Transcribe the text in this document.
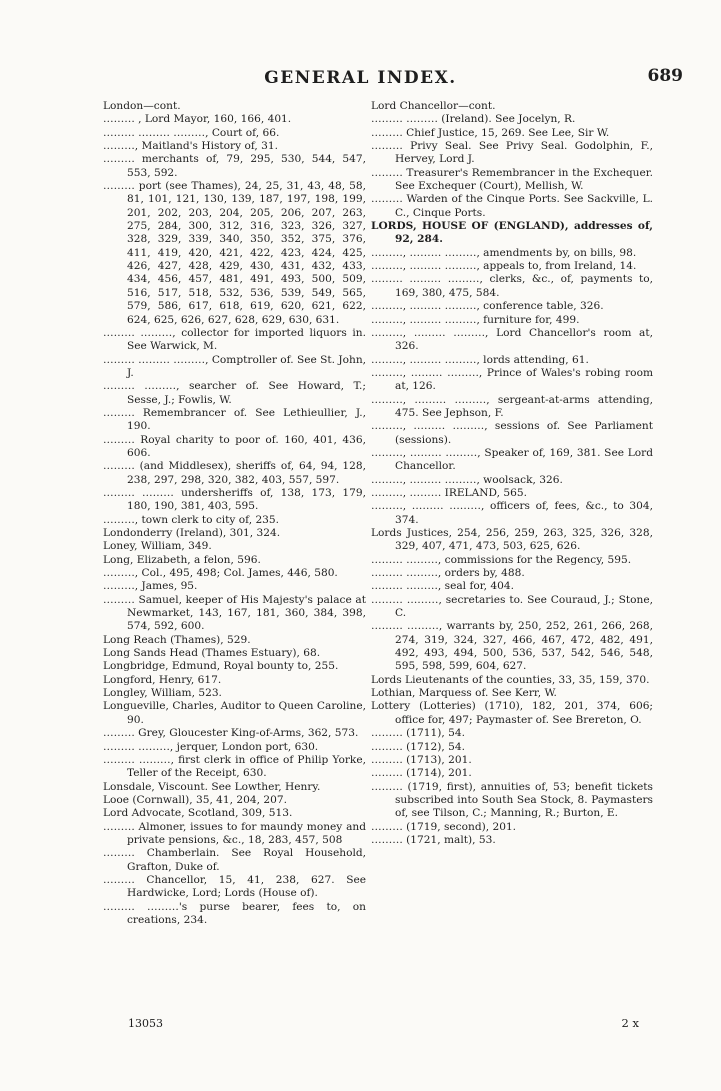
GENERAL INDEX.	689
London—cont.
……… , Lord Mayor, 160, 166, 401.
……… ……… ………, Court of, 66.
………, Maitland's History of, 31.
……… merchants of, 79, 295, 530, 544, 547, 553, 592.
……… port (see Thames), 24, 25, 31, 43, 48, 58, 81, 101, 121, 130, 139, 187, 197, 198, 199, 201, 202, 203, 204, 205, 206, 207, 263, 275, 284, 300, 312, 316, 323, 326, 327, 328, 329, 339, 340, 350, 352, 375, 376, 411, 419, 420, 421, 422, 423, 424, 425, 426, 427, 428, 429, 430, 431, 432, 433, 434, 456, 457, 481, 491, 493, 500, 509, 516, 517, 518, 532, 536, 539, 549, 565, 579, 586, 617, 618, 619, 620, 621, 622, 624, 625, 626, 627, 628, 629, 630, 631.
……… ………, collector for imported liquors in. See Warwick, M.
……… ……… ………, Comptroller of. See St. John, J.
……… ………, searcher of. See Howard, T.; Sesse, J.; Fowlis, W.
……… Remembrancer of. See Lethieullier, J., 190.
……… Royal charity to poor of. 160, 401, 436, 606.
……… (and Middlesex), sheriffs of, 64, 94, 128, 238, 297, 298, 320, 382, 403, 557, 597.
……… ……… undersheriffs of, 138, 173, 179, 180, 190, 381, 403, 595.
………, town clerk to city of, 235.
Londonderry (Ireland), 301, 324.
Loney, William, 349.
Long, Elizabeth, a felon, 596.
………, Col., 495, 498; Col. James, 446, 580.
………, James, 95.
……… Samuel, keeper of His Majesty's palace at Newmarket, 143, 167, 181, 360, 384, 398, 574, 592, 600.
Long Reach (Thames), 529.
Long Sands Head (Thames Estuary), 68.
Longbridge, Edmund, Royal bounty to, 255.
Longford, Henry, 617.
Longley, William, 523.
Longueville, Charles, Auditor to Queen Caroline, 90.
……… Grey, Gloucester King-of-Arms, 362, 573.
……… ………, jerquer, London port, 630.
……… ………, first clerk in office of Philip Yorke, Teller of the Receipt, 630.
Lonsdale, Viscount. See Lowther, Henry.
Looe (Cornwall), 35, 41, 204, 207.
Lord Advocate, Scotland, 309, 513.
……… Almoner, issues to for maundy money and private pensions, &c., 18, 283, 457, 508
……… Chamberlain. See Royal Household, Grafton, Duke of.
……… Chancellor, 15, 41, 238, 627. See Hardwicke, Lord; Lords (House of).
……… ………'s purse bearer, fees to, on creations, 234.
Lord Chancellor—cont.
……… ……… (Ireland). See Jocelyn, R.
……… Chief Justice, 15, 269. See Lee, Sir W.
……… Privy Seal. See Privy Seal. Godolphin, F., Hervey, Lord J.
……… Treasurer's Remembrancer in the Exchequer. See Exchequer (Court), Mellish, W.
……… Warden of the Cinque Ports. See Sackville, L. C., Cinque Ports.
LORDS, HOUSE OF (ENGLAND), addresses of, 92, 284.
………, ……… ………, amendments by, on bills, 98.
………, ……… ………, appeals to, from Ireland, 14.
……… ……… ………, clerks, &c., of, payments to, 169, 380, 475, 584.
………, ……… ………, conference table, 326.
………, ……… ………, furniture for, 499.
………, ……… ………, Lord Chancellor's room at, 326.
………, ……… ………, lords attending, 61.
………, ……… ………, Prince of Wales's robing room at, 126.
………, ……… ………, sergeant-at-arms attending, 475. See Jephson, F.
………, ……… ………, sessions of. See Parliament (sessions).
………, ……… ………, Speaker of, 169, 381. See Lord Chancellor.
………, ……… ………, woolsack, 326.
………, ……… IRELAND, 565.
………, ……… ………, officers of, fees, &c., to 304, 374.
Lords Justices, 254, 256, 259, 263, 325, 326, 328, 329, 407, 471, 473, 503, 625, 626.
……… ………, commissions for the Regency, 595.
……… ………, orders by, 488.
……… ………, seal for, 404.
……… ………, secretaries to. See Couraud, J.; Stone, C.
……… ………, warrants by, 250, 252, 261, 266, 268, 274, 319, 324, 327, 466, 467, 472, 482, 491, 492, 493, 494, 500, 536, 537, 542, 546, 548, 595, 598, 599, 604, 627.
Lords Lieutenants of the counties, 33, 35, 159, 370.
Lothian, Marquess of. See Kerr, W.
Lottery (Lotteries) (1710), 182, 201, 374, 606; office for, 497; Paymaster of. See Brereton, O.
……… (1711), 54.
……… (1712), 54.
……… (1713), 201.
……… (1714), 201.
……… (1719, first), annuities of, 53; benefit tickets subscribed into South Sea Stock, 8. Paymasters of, see Tilson, C.; Manning, R.; Burton, E.
……… (1719, second), 201.
……… (1721, malt), 53.
13053	2 x
